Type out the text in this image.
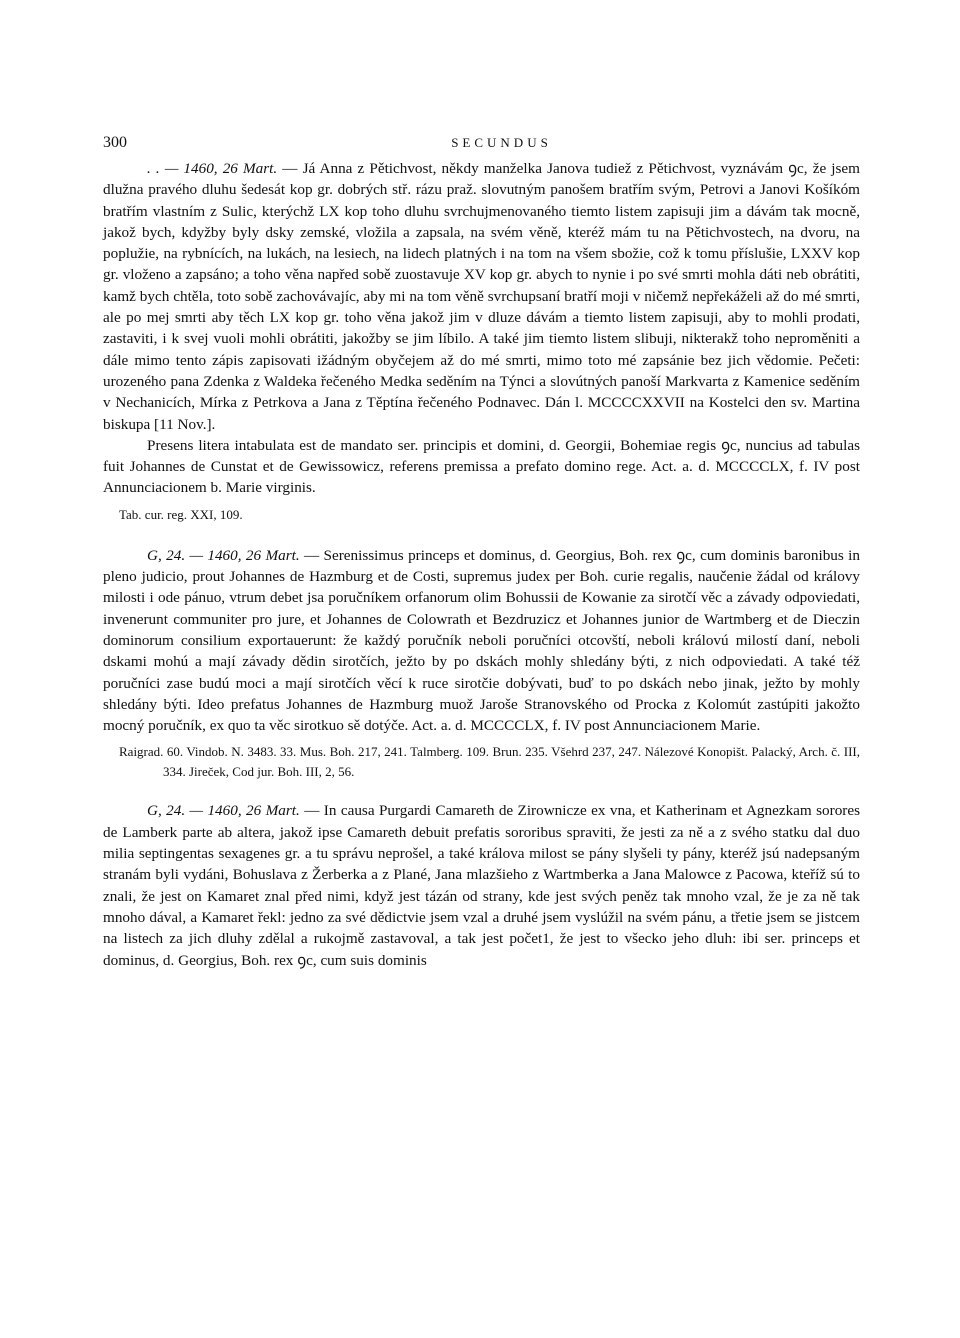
300	SECUNDUS

. . — 1460, 26 Mart. — Já Anna z Pětichvost, někdy manželka Janova tudiež z Pětichvost, vyznávám ꝯc, že jsem dlužna pravého dluhu šedesát kop gr. dobrých stř. rázu praž. slovutným panošem bratřím svým, Petrovi a Janovi Košíkóm bratřím vlastním z Sulic, kterýchž LX kop toho dluhu svrchujmenovaného tiemto listem zapisuji jim a dávám tak mocně, jakož bych, kdyžby byly dsky zemské, vložila a zapsala, na svém věně, kteréž mám tu na Pětichvostech, na dvoru, na poplužie, na rybnících, na lukách, na lesiech, na lidech platných i na tom na všem sbožie, což k tomu příslušie, LXXV kop gr. vloženo a zapsáno; a toho věna napřed sobě zuostavuje XV kop gr. abych to nynie i po své smrti mohla dáti neb obrátiti, kamž bych chtěla, toto sobě zachovávajíc, aby mi na tom věně svrchupsaní bratří moji v ničemž nepřekáželi až do mé smrti, ale po mej smrti aby těch LX kop gr. toho věna jakož jim v dluze dávám a tiemto listem zapisuji, aby to mohli prodati, zastaviti, i k svej vuoli mohli obrátiti, jakožby se jim líbilo. A také jim tiemto listem slibuji, nikterakž toho neproměniti a dále mimo tento zápis zapisovati ižádným obyčejem až do mé smrti, mimo toto mé zapsánie bez jich vědomie. Pečeti: urozeného pana Zdenka z Waldeka řečeného Medka seděním na Týnci a slovútných panoší Markvarta z Kamenice seděním v Nechanicích, Mírka z Petrkova a Jana z Těptína řečeného Podnavec. Dán l. MCCCCXXVII na Kostelci den sv. Martina biskupa [11 Nov.].

Presens litera intabulata est de mandato ser. principis et domini, d. Georgii, Bohemiae regis ꝯc, nuncius ad tabulas fuit Johannes de Cunstat et de Gewissowicz, referens premissa a prefato domino rege. Act. a. d. MCCCCLX, f. IV post Annunciacionem b. Marie virginis.

Tab. cur. reg. XXI, 109.

G, 24. — 1460, 26 Mart. — Serenissimus princeps et dominus, d. Georgius, Boh. rex ꝯc, cum dominis baronibus in pleno judicio, prout Johannes de Hazmburg et de Costi, supremus judex per Boh. curie regalis, naučenie žádal od královy milosti i ode pánuo, vtrum debet jsa poručníkem orfanorum olim Bohussii de Kowanie za sirotčí věc a závady odpoviedati, invenerunt communiter pro jure, et Johannes de Colowrath et Bezdruzicz et Johannes junior de Wartmberg et de Dieczin dominorum consilium exportauerunt: že každý poručník neboli poručníci otcovští, neboli královú milostí daní, neboli dskami mohú a mají závady dědin sirotčích, ježto by po dskách mohly shledány býti, z nich odpoviedati. A také též poručníci zase budú moci a mají sirotčích věcí k ruce sirotčie dobývati, buď to po dskách nebo jinak, ježto by mohly shledány býti. Ideo prefatus Johannes de Hazmburg muož Jaroše Stranovského od Procka z Kolomút zastúpiti jakožto mocný poručník, ex quo ta věc sirotkuo sě dotýče. Act. a. d. MCCCCLX, f. IV post Annunciacionem Marie.

Raigrad. 60. Vindob. N. 3483. 33. Mus. Boh. 217, 241. Talmberg. 109. Brun. 235. Všehrd 237, 247. Nálezové Konopišt. Palacký, Arch. č. III, 334. Jireček, Cod jur. Boh. III, 2, 56.

G, 24. — 1460, 26 Mart. — In causa Purgardi Camareth de Zirownicze ex vna, et Katherinam et Agnezkam sorores de Lamberk parte ab altera, jakož ipse Camareth debuit prefatis sororibus spraviti, že jesti za ně a z svého statku dal duo milia septingentas sexagenes gr. a tu správu neprošel, a také králova milost se pány slyšeli ty pány, kteréž jsú nadepsaným stranám byli vydáni, Bohuslava z Žerberka a z Plané, Jana mlazšieho z Wartmberka a Jana Malowce z Pacowa, kteříž sú to znali, že jest on Kamaret znal před nimi, když jest tázán od strany, kde jest svých peněz tak mnoho vzal, že je za ně tak mnoho dával, a Kamaret řekl: jedno za své dědictvie jsem vzal a druhé jsem vyslúžil na svém pánu, a třetie jsem se jistcem na listech za jich dluhy zdělal a rukojmě zastavoval, a tak jest počet1, že jest to všecko jeho dluh: ibi ser. princeps et dominus, d. Georgius, Boh. rex ꝯc, cum suis dominis
